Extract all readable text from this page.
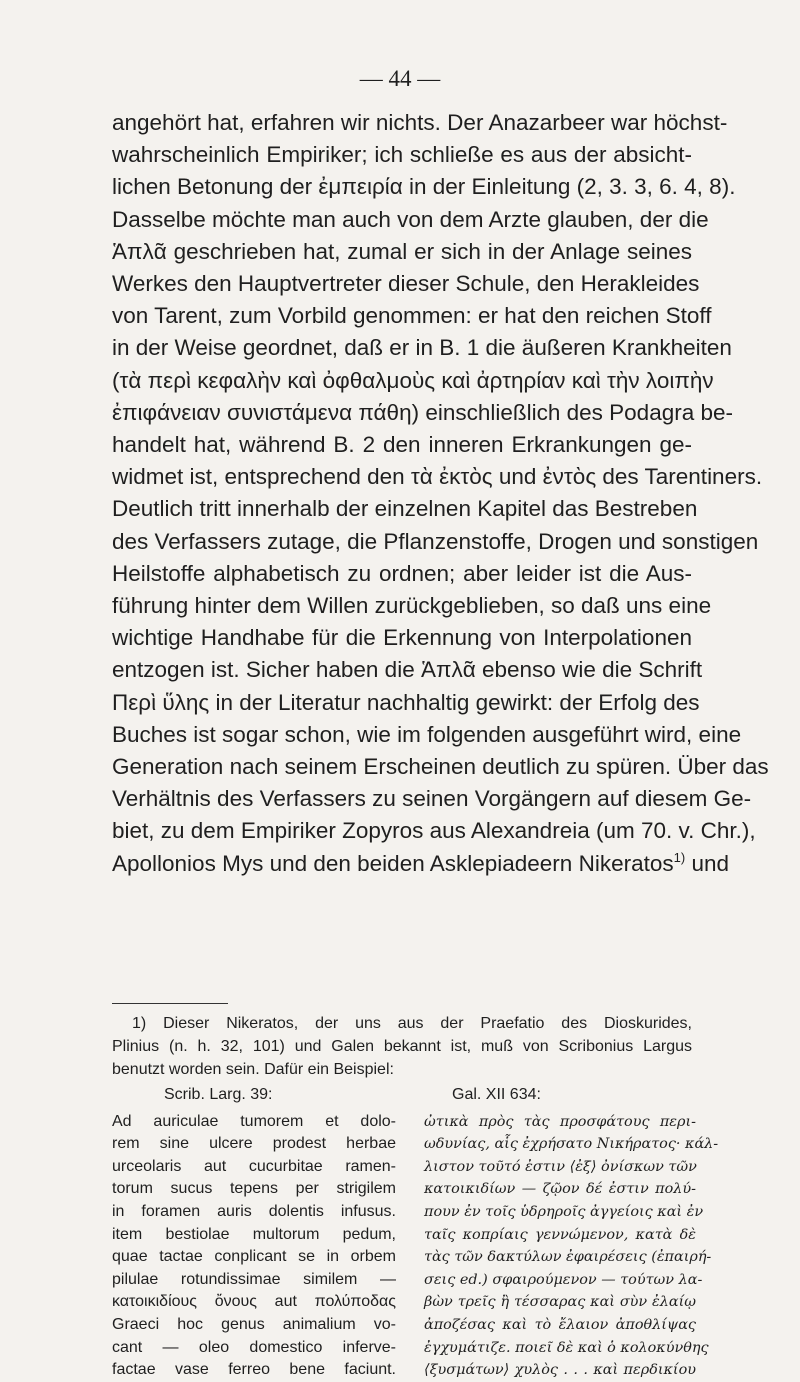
— 44 —
angehört hat, erfahren wir nichts. Der Anazarbeer war höchst-
wahrscheinlich Empiriker; ich schließe es aus der absicht-
lichen Betonung der ἐμπειρία in der Einleitung (2, 3. 3, 6. 4, 8).
Dasselbe möchte man auch von dem Arzte glauben, der die
Ἁπλᾶ geschrieben hat, zumal er sich in der Anlage seines
Werkes den Hauptvertreter dieser Schule, den Herakleides
von Tarent, zum Vorbild genommen: er hat den reichen Stoff
in der Weise geordnet, daß er in B. 1 die äußeren Krankheiten
(τὰ περὶ κεφαλὴν καὶ ὀφθαλμοὺς καὶ ἀρτηρίαν καὶ τὴν λοιπὴν
ἐπιφάνειαν συνιστάμενα πάθη) einschließlich des Podagra be-
handelt hat, während B. 2 den inneren Erkrankungen ge-
widmet ist, entsprechend den τὰ ἐκτὸς und ἐντὸς des Tarentiners.
Deutlich tritt innerhalb der einzelnen Kapitel das Bestreben
des Verfassers zutage, die Pflanzenstoffe, Drogen und sonstigen
Heilstoffe alphabetisch zu ordnen; aber leider ist die Aus-
führung hinter dem Willen zurückgeblieben, so daß uns eine
wichtige Handhabe für die Erkennung von Interpolationen
entzogen ist. Sicher haben die Ἁπλᾶ ebenso wie die Schrift
Περὶ ὕλης in der Literatur nachhaltig gewirkt: der Erfolg des
Buches ist sogar schon, wie im folgenden ausgeführt wird, eine
Generation nach seinem Erscheinen deutlich zu spüren. Über das
Verhältnis des Verfassers zu seinen Vorgängern auf diesem Ge-
biet, zu dem Empiriker Zopyros aus Alexandreia (um 70. v. Chr.),
Apollonios Mys und den beiden Asklepiadeern Nikeratos$^{1)}$ und
1) Dieser Nikeratos, der uns aus der Praefatio des Dioskurides,
Plinius (n. h. 32, 101) und Galen bekannt ist, muß von Scribonius Largus
benutzt worden sein. Dafür ein Beispiel:
Scrib. Larg. 39:
Ad auriculae tumorem et dolo-
rem sine ulcere prodest herbae
urceolaris aut cucurbitae ramen-
torum sucus tepens per strigilem
in foramen auris dolentis infusus.
item bestiolae multorum pedum,
quae tactae conplicant se in orbem
pilulae rotundissimae similem —
κατοικιδίους ὄνους aut πολύποδας
Graeci hoc genus animalium vo-
cant — oleo domestico inferve-
factae vase ferreo bene faciunt.
Gal. XII 634:
ὠτικὰ πρὸς τὰς προσφάτους περι-
ωδυνίας, αἷς ἐχρήσατο Νικήρατος· κάλ-
λιστον τοῦτό ἐστιν ⟨ἐξ⟩ ὀνίσκων τῶν
κατοικιδίων — ζῷον δέ ἐστιν πολύ-
πουν ἐν τοῖς ὑδρηροῖς ἀγγείοις καὶ ἐν
ταῖς κοπρίαις γεννώμενον, κατὰ δὲ
τὰς τῶν δακτύλων ἐφαιρέσεις (ἐπαιρή-
σεις ed.) σφαιρούμενον — τούτων λα-
βὼν τρεῖς ἢ τέσσαρας καὶ σὺν ἐλαίῳ
ἀποζέσας καὶ τὸ ἔλαιον ἀποθλίψας
ἐγχυμάτιζε. ποιεῖ δὲ καὶ ὁ κολοκύνθης
⟨ξυσμάτων⟩ χυλὸς . . . καὶ περδικίου
